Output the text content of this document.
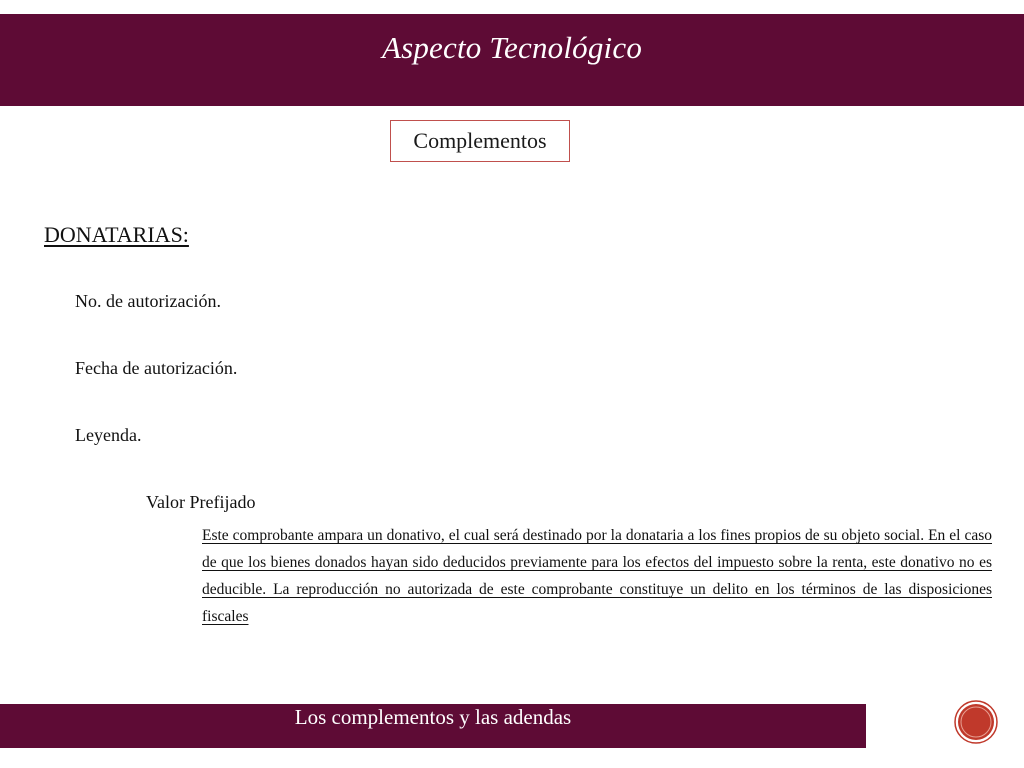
Aspecto Tecnológico
Complementos
DONATARIAS:
No. de autorización.
Fecha de autorización.
Leyenda.
Valor Prefijado
Este comprobante ampara un donativo, el cual será destinado por la donataria a los fines propios de su objeto social. En el caso de que los bienes donados hayan sido deducidos previamente para los efectos del impuesto sobre la renta, este donativo no es deducible. La reproducción no autorizada de este comprobante constituye un delito en los términos de las disposiciones fiscales
Los complementos y las adendas
